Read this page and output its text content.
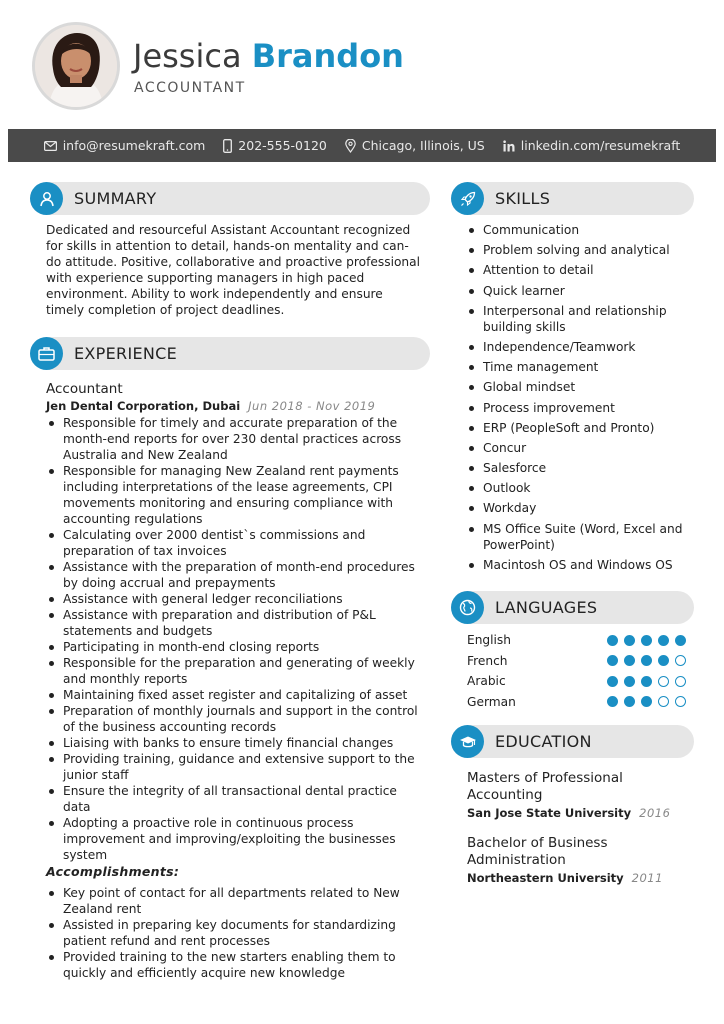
Jessica Brandon
ACCOUNTANT
info@resumekraft.com	202-555-0120	Chicago, Illinois, US	linkedin.com/resumekraft
SUMMARY
Dedicated and resourceful Assistant Accountant recognized for skills in attention to detail, hands-on mentality and can-do attitude. Positive, collaborative and proactive professional with experience supporting managers in high paced environment. Ability to work independently and ensure timely completion of project deadlines.
EXPERIENCE
Accountant
Jen Dental Corporation, Dubai Jun 2018 - Nov 2019
Responsible for timely and accurate preparation of the month-end reports for over 230 dental practices across Australia and New Zealand
Responsible for managing New Zealand rent payments including interpretations of the lease agreements, CPI movements monitoring and ensuring compliance with accounting regulations
Calculating over 2000 dentist`s commissions and preparation of tax invoices
Assistance with the preparation of month-end procedures by doing accrual and prepayments
Assistance with general ledger reconciliations
Assistance with preparation and distribution of P&L statements and budgets
Participating in month-end closing reports
Responsible for the preparation and generating of weekly and monthly reports
Maintaining fixed asset register and capitalizing of asset
Preparation of monthly journals and support in the control of the business accounting records
Liaising with banks to ensure timely financial changes
Providing training, guidance and extensive support to the junior staff
Ensure the integrity of all transactional dental practice data
Adopting a proactive role in continuous process improvement and improving/exploiting the businesses system
Accomplishments:
Key point of contact for all departments related to New Zealand rent
Assisted in preparing key documents for standardizing patient refund and rent processes
Provided training to the new starters enabling them to quickly and efficiently acquire new knowledge
SKILLS
Communication
Problem solving and analytical
Attention to detail
Quick learner
Interpersonal and relationship building skills
Independence/Teamwork
Time management
Global mindset
Process improvement
ERP (PeopleSoft and Pronto)
Concur
Salesforce
Outlook
Workday
MS Office Suite (Word, Excel and PowerPoint)
Macintosh OS and Windows OS
LANGUAGES
English
French
Arabic
German
EDUCATION
Masters of Professional Accounting
San Jose State University 2016
Bachelor of Business Administration
Northeastern University 2011
